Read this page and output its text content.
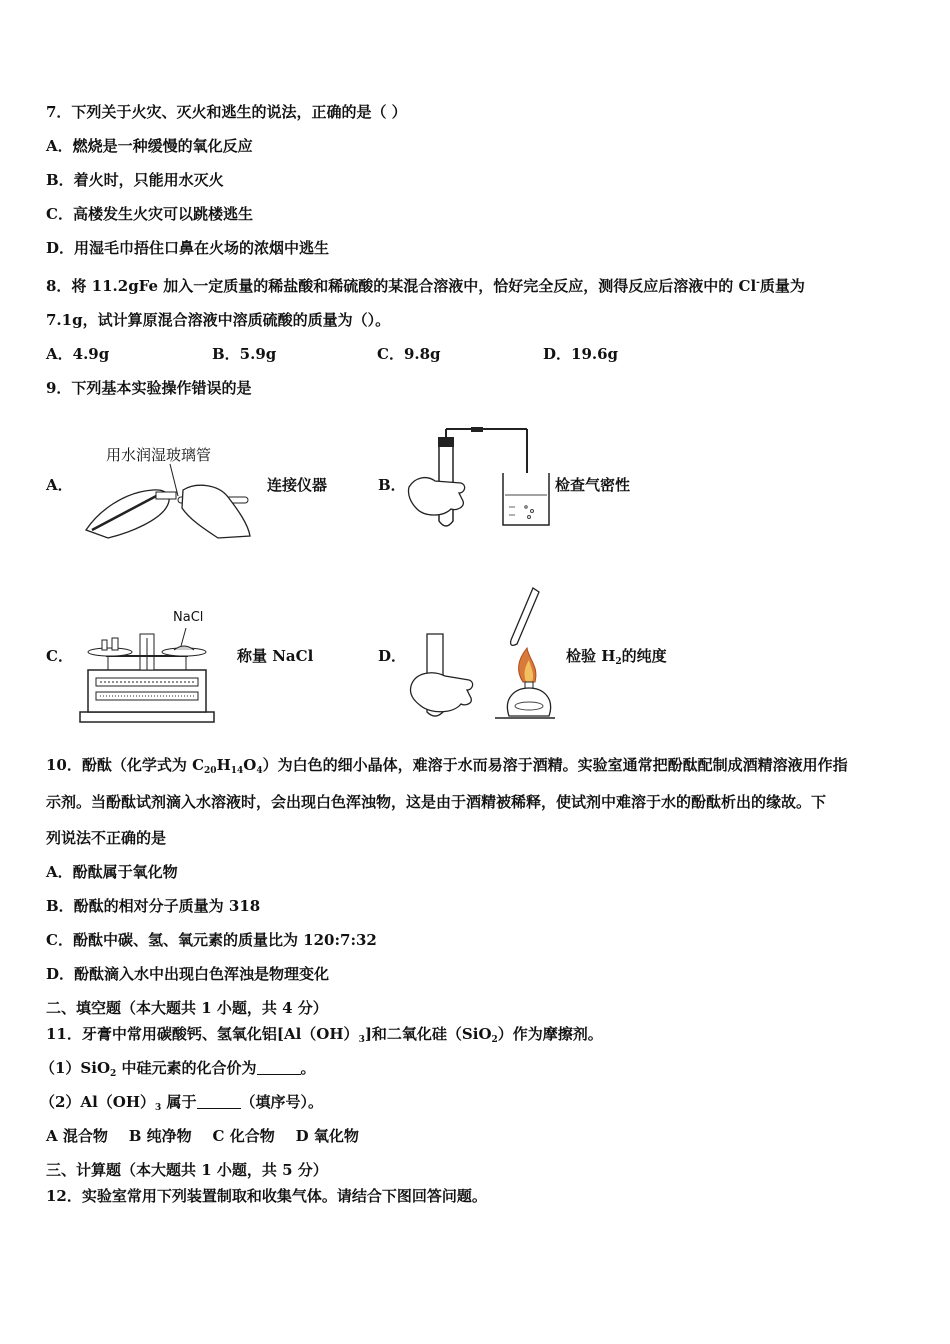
7．下列关于火灾、灭火和逃生的说法，正确的是（ ）
A．燃烧是一种缓慢的氧化反应
B．着火时，只能用水灭火
C．高楼发生火灾可以跳楼逃生
D．用湿毛巾捂住口鼻在火场的浓烟中逃生
8．将 11.2gFe 加入一定质量的稀盐酸和稀硫酸的某混合溶液中，恰好完全反应，测得反应后溶液中的 Cl-质量为
7.1g，试计算原混合溶液中溶质硫酸的质量为（）。
A．4.9g	B．5.9g	C．9.8g	D．19.6g
9．下列基本实验操作错误的是
A．
用水润湿玻璃管
连接仪器	B．	检查气密性
C．
NaCl
称量 NaCl	D．	检验 $H_2$的纯度
10．酚酞（化学式为 $C_{20}H_{14}O_4$）为白色的细小晶体，难溶于水而易溶于酒精。实验室通常把酚酞配制成酒精溶液用作指
示剂。当酚酞试剂滴入水溶液时，会出现白色浑浊物，这是由于酒精被稀释，使试剂中难溶于水的酚酞析出的缘故。下
列说法不正确的是
A．酚酞属于氧化物
B．酚酞的相对分子质量为 318
C．酚酞中碳、氢、氧元素的质量比为 120:7:32
D．酚酞滴入水中出现白色浑浊是物理变化
二、填空题（本大题共 1 小题，共 4 分）
11．牙膏中常用碳酸钙、氢氧化铝$[Al(OH)_3]$和二氧化硅（SiO$_2$）作为摩擦剂。
（1）SiO$_2$ 中硅元素的化合价为	。
$(2)Al(OH)_3$ 属于	（填序号）。
A 混合物    B 纯净物    C 化合物    D 氧化物
三、计算题（本大题共 1 小题，共 5 分）
12．实验室常用下列装置制取和收集气体。请结合下图回答问题。
